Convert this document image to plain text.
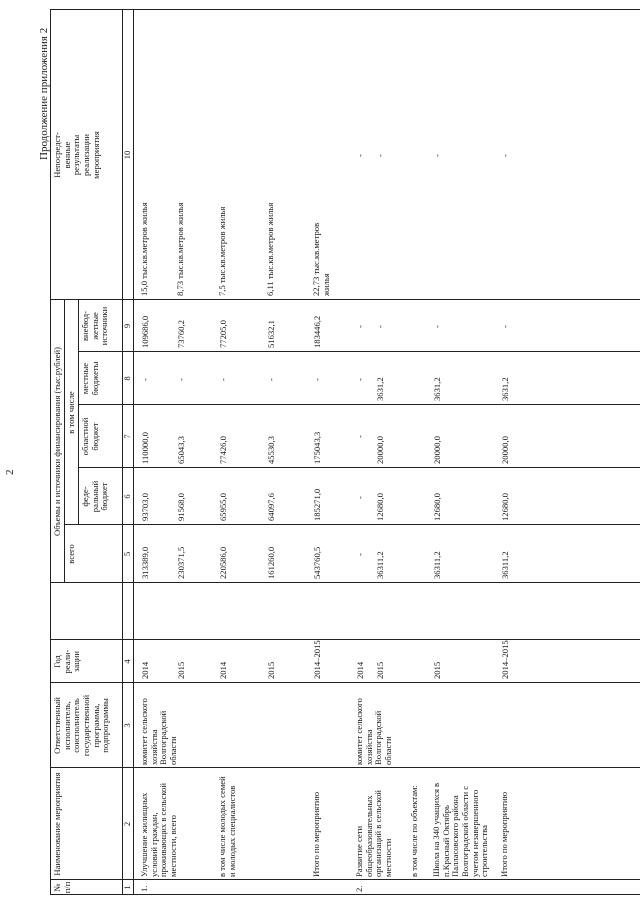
2
Продолжение приложения 2
№
п/п
Наименование мероприятия
Ответственный
исполнитель,
соисполнитель
государственной
программы,
подпрограммы
Год
реали-
зации
Объемы и источники финансирования (тыс.рублей)
всего
в том числе
феде-
ральный
бюджет
областной
бюджет
местные
бюджеты
внебюд-
жетные
источники
Непосредст-
венные
результаты
реализации
мероприятия
1
2
3
4
5
6
7
8
9
10
1.
Улучшение жилищных условий граждан, проживающих в сельской местности, всего
комитет сельского хозяйства Волгоградской области
в том числе молодых семей и молодых специалистов	Итого по мероприятию
2014
313389,0
93703,0
110000,0
-
109686,0
15,0 тыс.кв.метров жилья
2015
230371,5
91568,0
65043,3
-
73760,2
8,73 тыс.кв.метров жилья
2014
220586,0
65955,0
77426,0
-
77205,0
7,5 тыс.кв.метров жилья
2015
161260,0
64097,6
45530,3
-
51632,1
6,11 тыс.кв.метров жилья
2014–2015
543760,5
185271,0
175043,3
-
183446,2
22,73 тыс.кв.метров жилья
2.
Развитие сети общеобразовательных организаций в сельской местности
комитет сельского хозяйства Волгоградской области
в том числе по объектам: Школа на 340 учащихся в п.Красный Октябрь Палласовского района Волгоградской области с учетом незавершенного строительства Итого по мероприятию
2014
-
-
-
-
-
-
2015
36311,2
12680,0
20000,0
3631,2
-
-
2015
36311,2
12680,0
20000,0
3631,2
-
-
2014–2015
36311,2
12680,0
20000,0
3631,2
-
-
